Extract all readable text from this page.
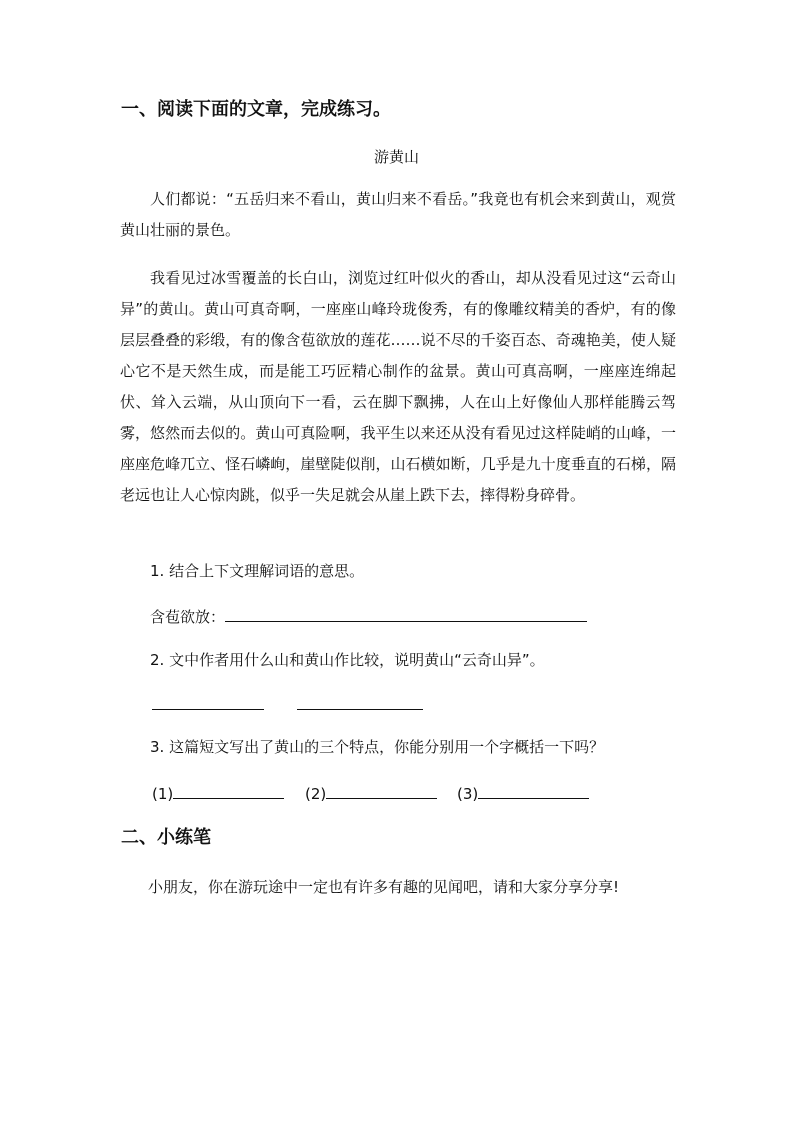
一、阅读下面的文章，完成练习。
游黄山

人们都说：“五岳归来不看山，黄山归来不看岳。”我竟也有机会来到黄山，观赏黄山壮丽的景色。

我看见过冰雪覆盖的长白山，浏览过红叶似火的香山，却从没看见过这“云奇山异”的黄山。黄山可真奇啊，一座座山峰玲珑俊秀，有的像雕纹精美的香炉，有的像层层叠叠的彩缎，有的像含苞欲放的莲花……说不尽的千姿百态、奇魂艳美，使人疑心它不是天然生成，而是能工巧匠精心制作的盆景。黄山可真高啊，一座座连绵起伏、耸入云端，从山顶向下一看，云在脚下飘拂，人在山上好像仙人那样能腾云驾雾，悠然而去似的。黄山可真险啊，我平生以来还从没有看见过这样陡峭的山峰，一座座危峰兀立、怪石嶙峋，崖壁陡似削，山石横如断，几乎是九十度垂直的石梯，隔老远也让人心惊肉跳，似乎一失足就会从崖上跌下去，摔得粉身碎骨。

1. 结合上下文理解词语的意思。
含苞欲放：
2. 文中作者用什么山和黄山作比较，说明黄山“云奇山异”。
3. 这篇短文写出了黄山的三个特点，你能分别用一个字概括一下吗？
(1)	(2)	(3)
二、小练笔
小朋友，你在游玩途中一定也有许多有趣的见闻吧，请和大家分享分享!
